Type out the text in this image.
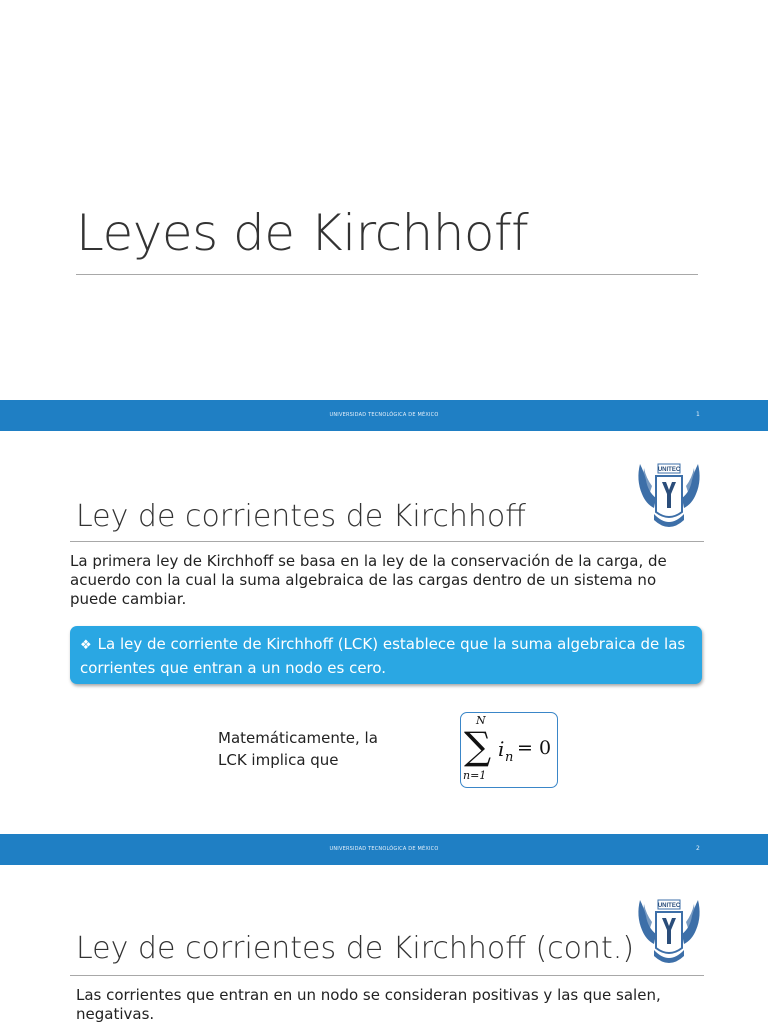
Leyes de Kirchhoff
UNIVERSIDAD TECNOLÓGICA DE MÉXICO	1
UNITEC
Ley de corrientes de Kirchhoff
La primera ley de Kirchhoff se basa en la ley de la conservación de la carga, de acuerdo con la cual la suma algebraica de las cargas dentro de un sistema no puede cambiar.
❖ La ley de corriente de Kirchhoff (LCK) establece que la suma algebraica de las corrientes que entran a un nodo es cero.
Matemáticamente, la
LCK implica que
N
∑
n=1
i n = 0
UNIVERSIDAD TECNOLÓGICA DE MÉXICO	2
UNITEC
Ley de corrientes de Kirchhoff (cont.)
Las corrientes que entran en un nodo se consideran positivas y las que salen, negativas.
